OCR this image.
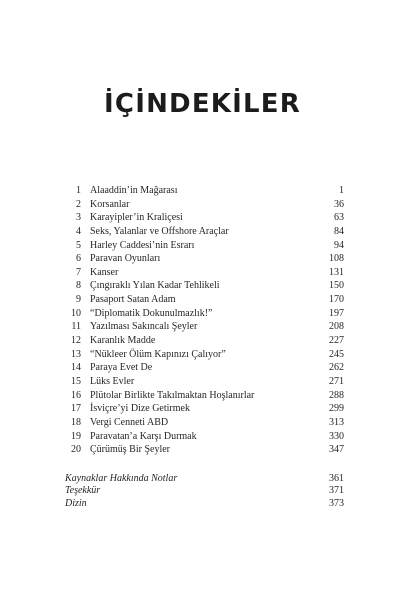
İÇİNDEKİLER
1 Alaaddin’in Mağarası	1
2 Korsanlar	36
3 Karayipler’in Kraliçesi	63
4 Seks, Yalanlar ve Offshore Araçlar	84
5 Harley Caddesi’nin Esrarı	94
6 Paravan Oyunları	108
7 Kanser	131
8 Çıngıraklı Yılan Kadar Tehlikeli	150
9 Pasaport Satan Adam	170
10 “Diplomatik Dokunulmazlık!”	197
11 Yazılması Sakıncalı Şeyler	208
12 Karanlık Madde	227
13 “Nükleer Ölüm Kapınızı Çalıyor”	245
14 Paraya Evet De	262
15 Lüks Evler	271
16 Plütolar Birlikte Takılmaktan Hoşlanırlar	288
17 İsviçre’yi Dize Getirmek	299
18 Vergi Cenneti ABD	313
19 Paravatan’a Karşı Durmak	330
20 Çürümüş Bir Şeyler	347
Kaynaklar Hakkında Notlar	361
Teşekkür	371
Dizin	373
